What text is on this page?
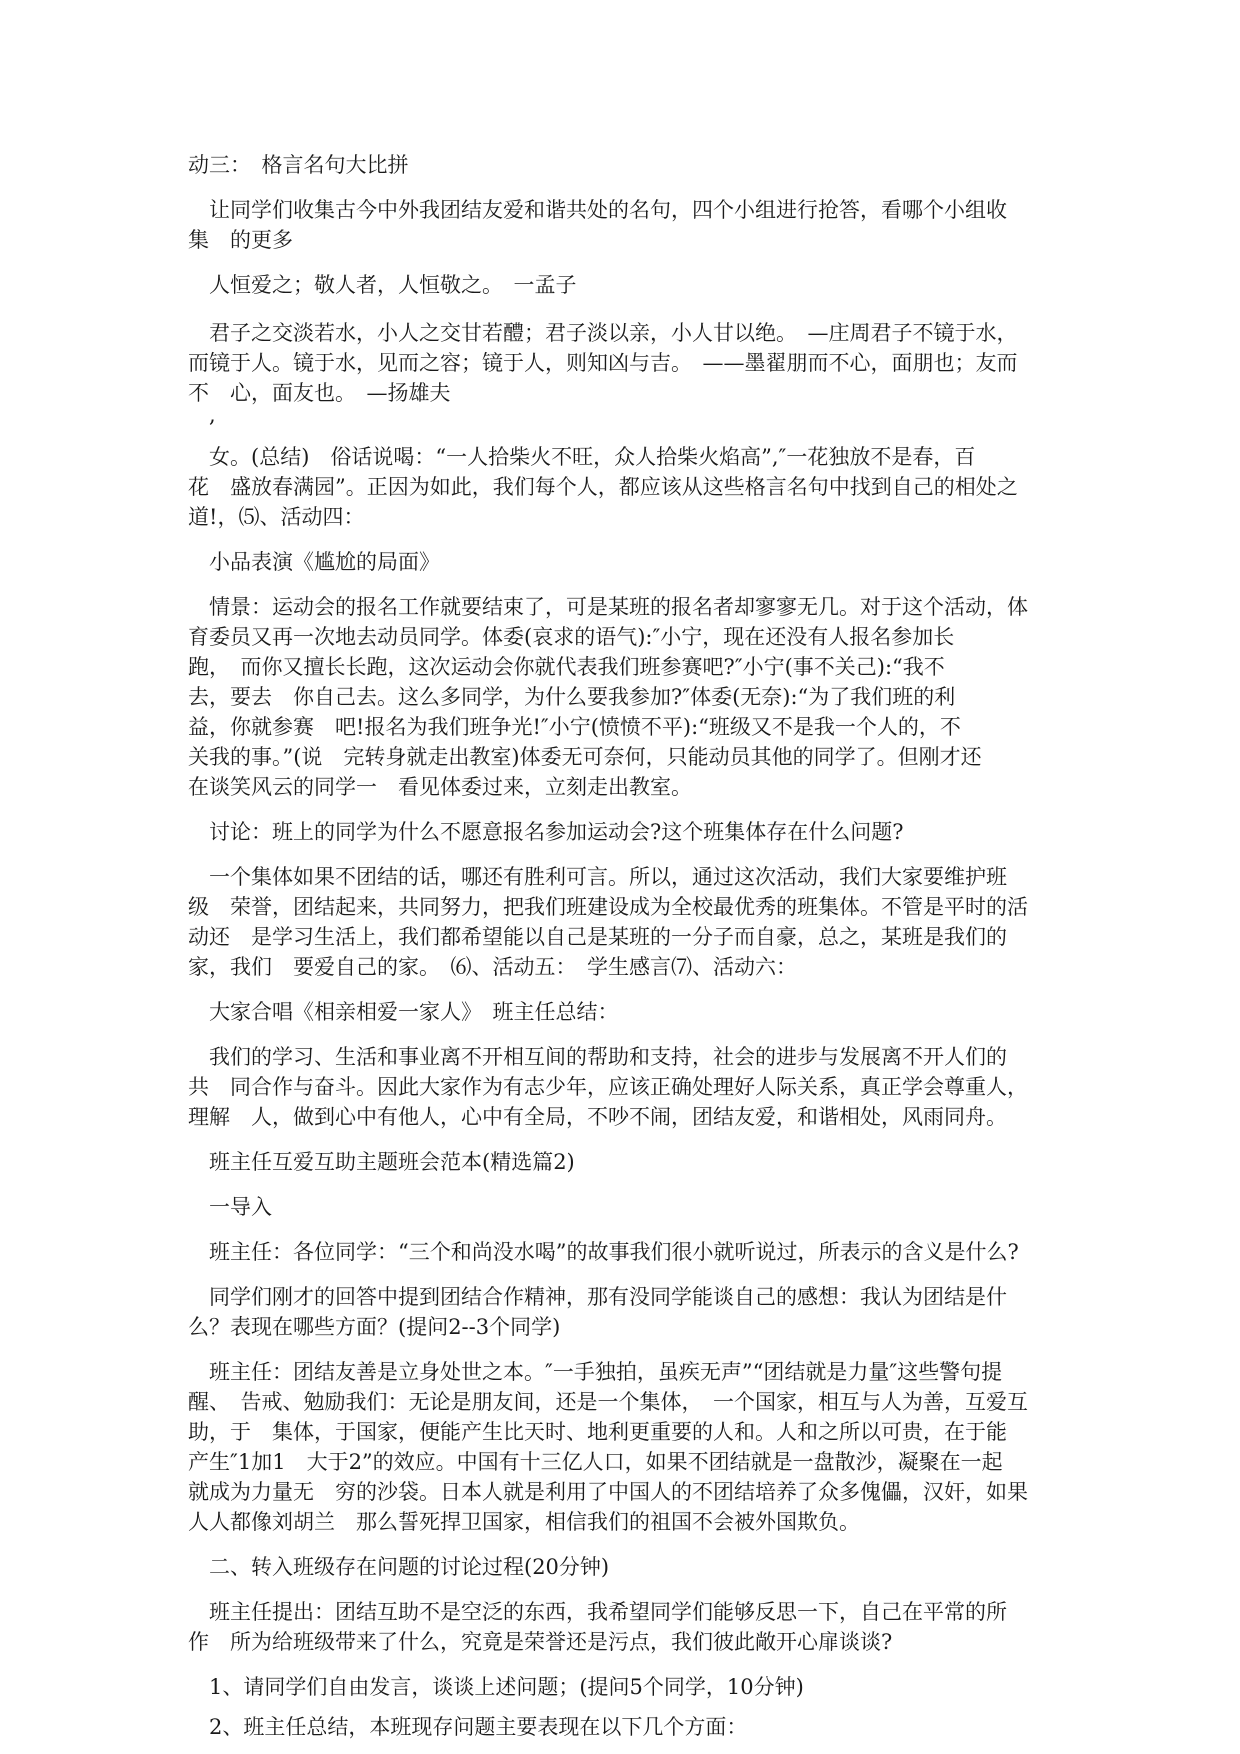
动三：　格言名句大比拼

　让同学们收集古今中外我团结友爱和谐共处的名句，四个小组进行抢答，看哪个小组收

集　的更多

　人恒爱之；敬人者，人恒敬之。　一孟子

　君子之交淡若水，小人之交甘若醴；君子淡以亲，小人甘以绝。　—庄周君子不镜于水，

而镜于人。镜于水，见而之容；镜于人，则知凶与吉。　——墨翟朋而不心，面朋也；友而

不　心，面友也。　—扬雄夫

　,

　女。(总结)　俗话说喝：“一人拾柴火不旺，众人拾柴火焰高”,″一花独放不是春，百

花　盛放春满园”。正因为如此，我们每个人，都应该从这些格言名句中找到自己的相处之

道!，⑸、活动四：

　小品表演《尴尬的局面》

　情景：运动会的报名工作就要结束了，可是某班的报名者却寥寥无几。对于这个活动，体

育委员又再一次地去动员同学。体委(哀求的语气):″小宁，现在还没有人报名参加长

跑，　而你又擅长长跑，这次运动会你就代表我们班参赛吧?″小宁(事不关己):“我不

去，要去　你自己去。这么多同学，为什么要我参加?″体委(无奈):“为了我们班的利

益，你就参赛　吧!报名为我们班争光!″小宁(愤愤不平):“班级又不是我一个人的，不

关我的事。”(说　完转身就走出教室)体委无可奈何，只能动员其他的同学了。但刚才还

在谈笑风云的同学一　看见体委过来，立刻走出教室。

　讨论：班上的同学为什么不愿意报名参加运动会?这个班集体存在什么问题?

　一个集体如果不团结的话，哪还有胜利可言。所以，通过这次活动，我们大家要维护班

级　荣誉，团结起来，共同努力，把我们班建设成为全校最优秀的班集体。不管是平时的活

动还　是学习生活上，我们都希望能以自己是某班的一分子而自豪，总之，某班是我们的

家，我们　要爱自己的家。　⑹、活动五：　学生感言⑺、活动六：

　大家合唱《相亲相爱一家人》　班主任总结：

　我们的学习、生活和事业离不开相互间的帮助和支持，社会的进步与发展离不开人们的

共　同合作与奋斗。因此大家作为有志少年，应该正确处理好人际关系，真正学会尊重人，

理解　人，做到心中有他人，心中有全局，不吵不闹，团结友爱，和谐相处，风雨同舟。

　班主任互爱互助主题班会范本(精选篇2)

　一导入

　班主任：各位同学：“三个和尚没水喝”的故事我们很小就听说过，所表示的含义是什么?

　同学们刚才的回答中提到团结合作精神，那有没同学能谈自己的感想：我认为团结是什

么？表现在哪些方面？(提问2--3个同学)

　班主任：团结友善是立身处世之本。″一手独拍，虽疾无声”“团结就是力量″这些警句提

醒、　告戒、勉励我们：无论是朋友间，还是一个集体，　一个国家，相互与人为善，互爱互

助，于　集体，于国家，便能产生比天时、地利更重要的人和。人和之所以可贵，在于能

产生″1加1　大于2”的效应。中国有十三亿人口，如果不团结就是一盘散沙，凝聚在一起

就成为力量无　穷的沙袋。日本人就是利用了中国人的不团结培养了众多傀儡，汉奸，如果

人人都像刘胡兰　那么誓死捍卫国家，相信我们的祖国不会被外国欺负。

　二、转入班级存在问题的讨论过程(20分钟)

　班主任提出：团结互助不是空泛的东西，我希望同学们能够反思一下，自己在平常的所

作　所为给班级带来了什么，究竟是荣誉还是污点，我们彼此敞开心扉谈谈?

　1、请同学们自由发言，谈谈上述问题；(提问5个同学，10分钟)

　2、班主任总结，本班现存问题主要表现在以下几个方面：
